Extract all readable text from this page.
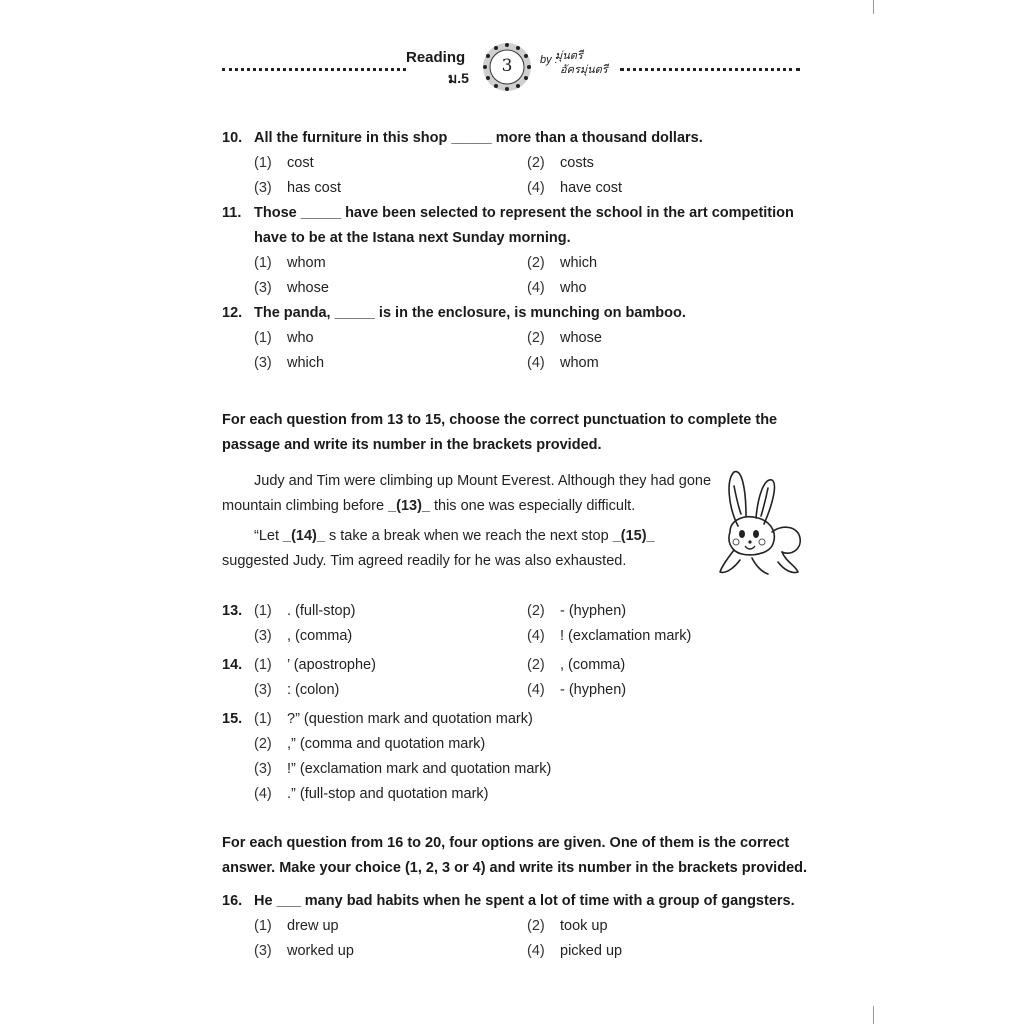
Reading
ม.5
3	by :
มุ่นตรี
อัครมุ่นตรี
10. All the furniture in this shop _____ more than a thousand dollars.
(1) cost	(2) costs
(3) has cost	(4) have cost
11. Those _____ have been selected to represent the school in the art competition
have to be at the Istana next Sunday morning.
(1) whom	(2) which
(3) whose	(4) who
12. The panda, _____ is in the enclosure, is munching on bamboo.
(1) who	(2) whose
(3) which	(4) whom
For each question from 13 to 15, choose the correct punctuation to complete the
passage and write its number in the brackets provided.
Judy and Tim were climbing up Mount Everest. Although they had gone
mountain climbing before _(13)_ this one was especially difficult.
“Let _(14)_ s take a break when we reach the next stop _(15)_
suggested Judy. Tim agreed readily for he was also exhausted.
13. (1) . (full-stop)	(2) - (hyphen)
(3) , (comma)	(4) ! (exclamation mark)
14. (1) ’ (apostrophe)	(2) , (comma)
(3) : (colon)	(4) - (hyphen)
15. (1) ?” (question mark and quotation mark)
(2) ,” (comma and quotation mark)
(3) !” (exclamation mark and quotation mark)
(4) .” (full-stop and quotation mark)
For each question from 16 to 20, four options are given. One of them is the correct
answer. Make your choice (1, 2, 3 or 4) and write its number in the brackets provided.
16. He ___ many bad habits when he spent a lot of time with a group of gangsters.
(1) drew up	(2) took up
(3) worked up	(4) picked up
